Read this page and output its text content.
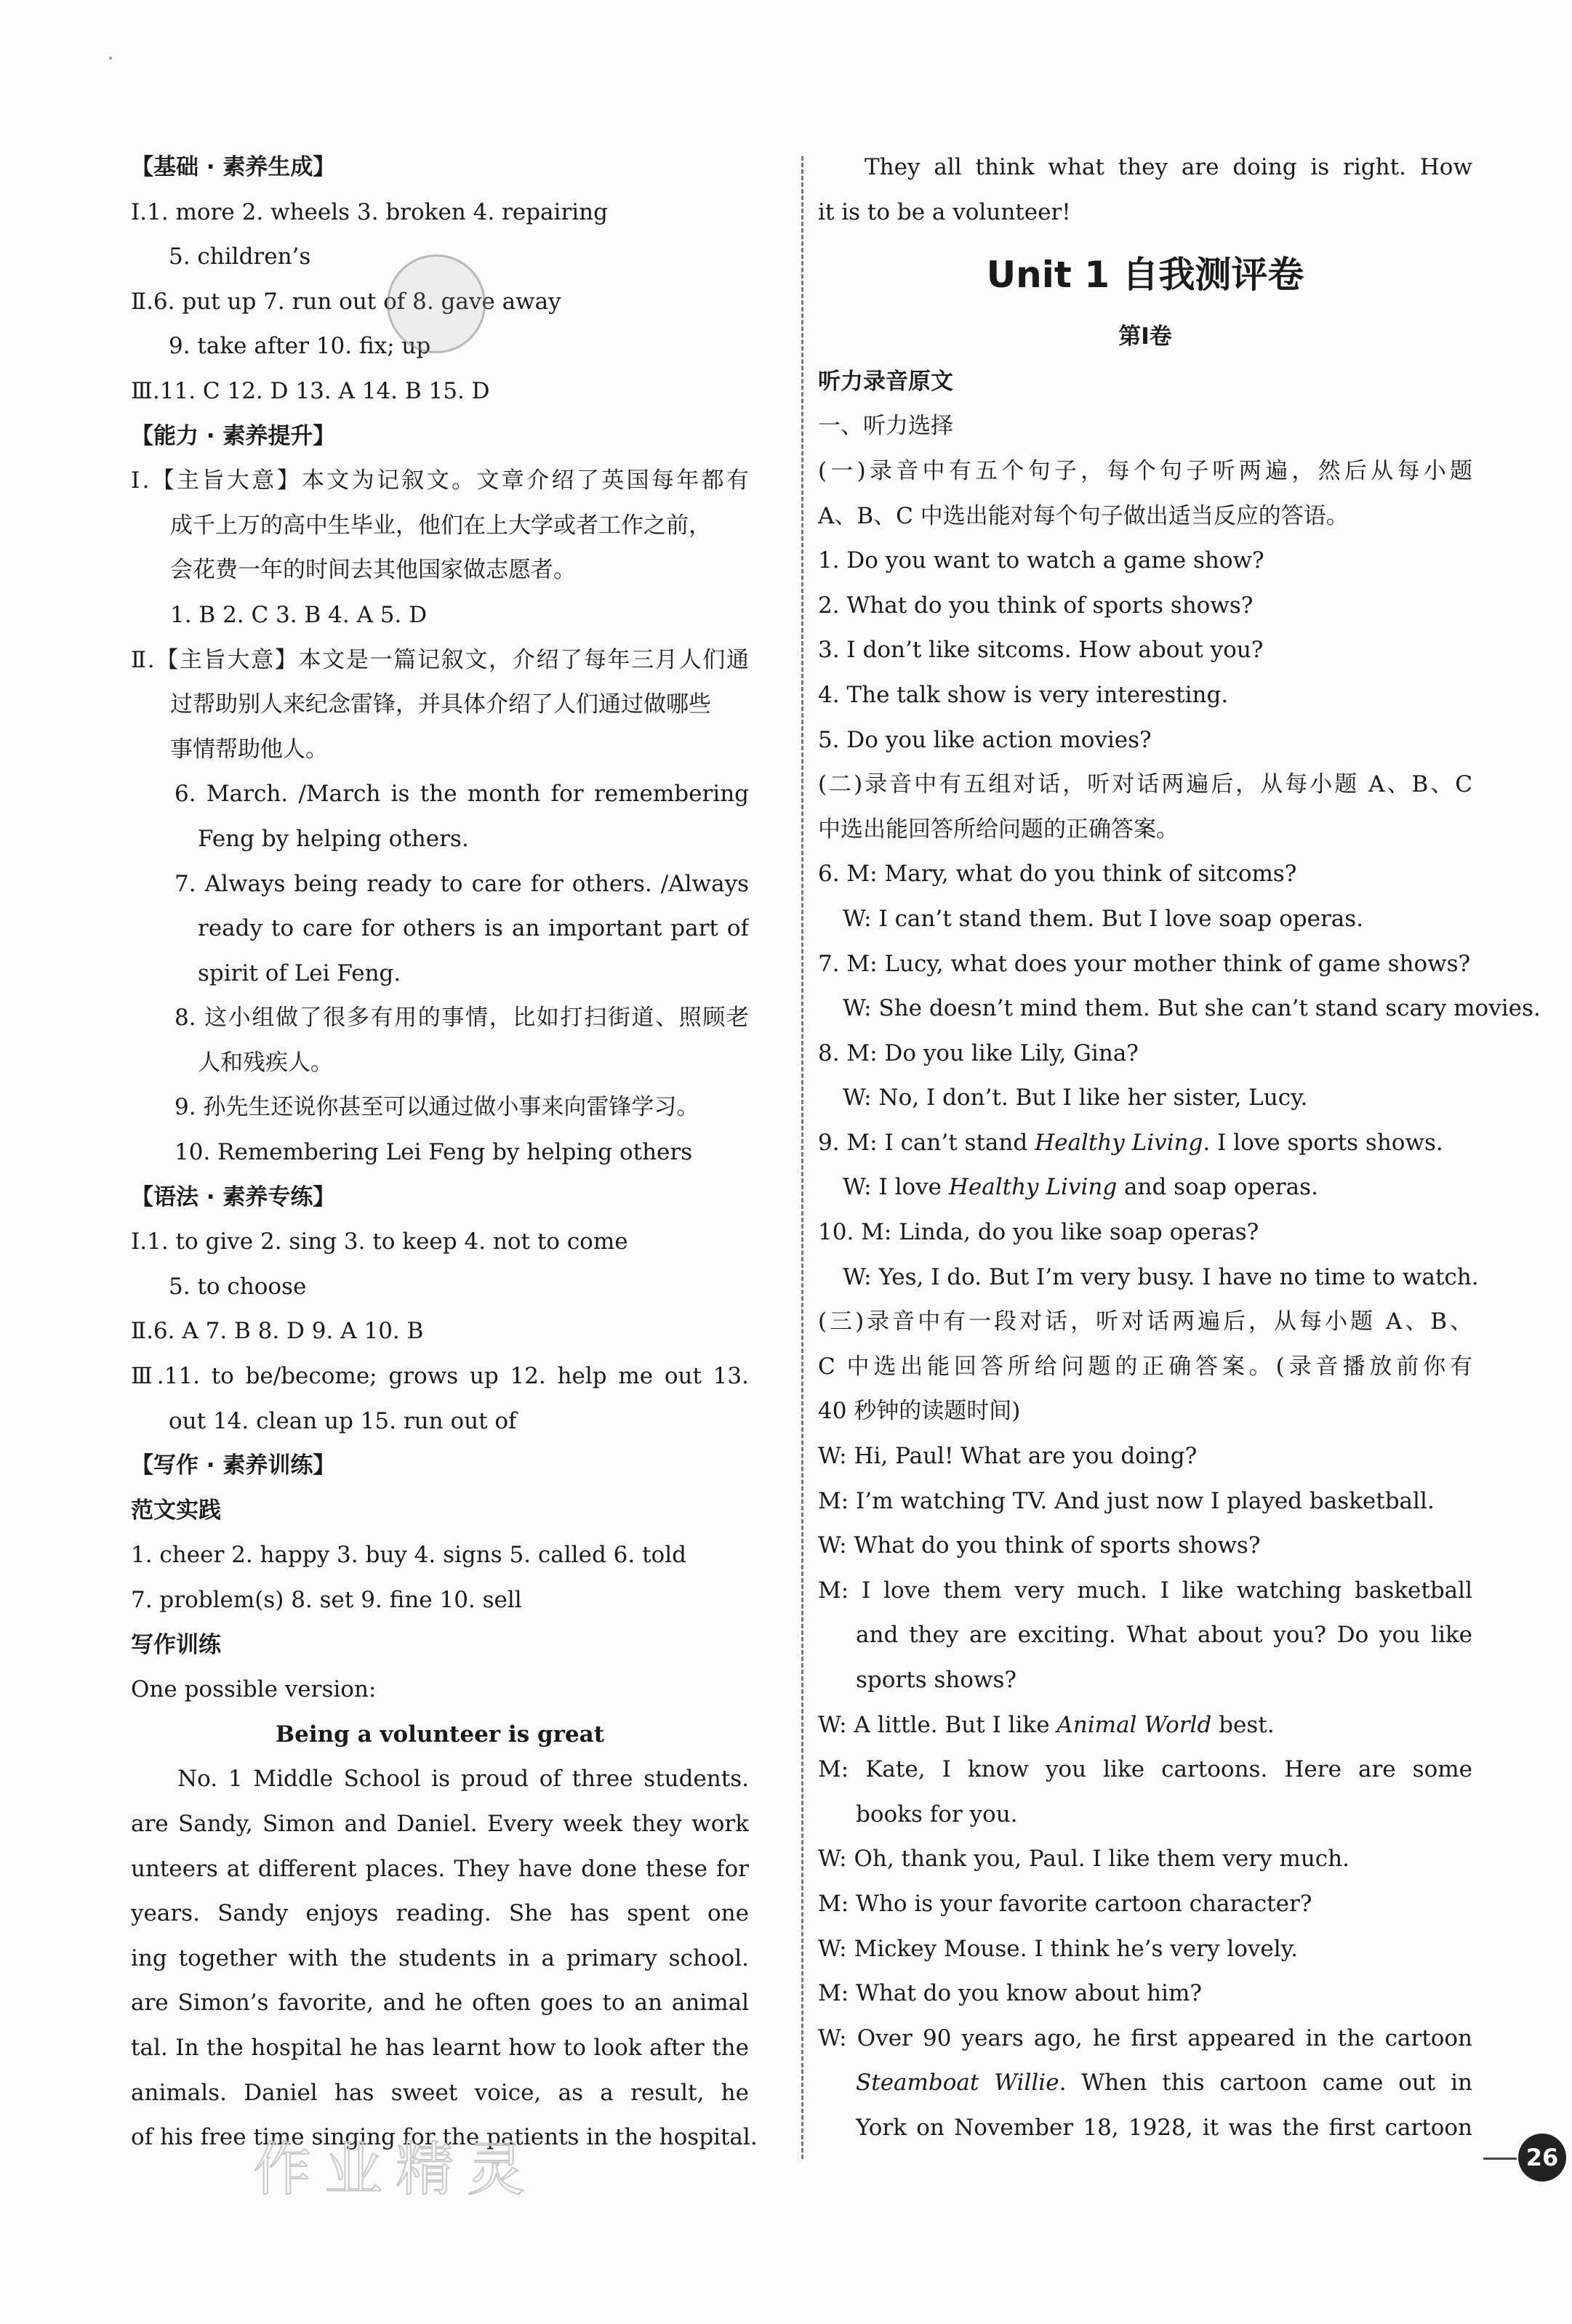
【基础 · 素养生成】
Ⅰ.1. more 2. wheels 3. broken 4. repairing
5. children’s
Ⅱ.6. put up 7. run out of 8. gave away
9. take after 10. fix; up
Ⅲ.11. C 12. D 13. A 14. B 15. D
【能力 · 素养提升】
Ⅰ.【主旨大意】本文为记叙文。文章介绍了英国每年都有
成千上万的高中生毕业，他们在上大学或者工作之前，
会花费一年的时间去其他国家做志愿者。
1. B 2. C 3. B 4. A 5. D
Ⅱ.【主旨大意】本文是一篇记叙文，介绍了每年三月人们通
过帮助别人来纪念雷锋，并具体介绍了人们通过做哪些
事情帮助他人。
6. March. /March is the month for remembering
Feng by helping others.
7. Always being ready to care for others. /Always
ready to care for others is an important part of
spirit of Lei Feng.
8. 这小组做了很多有用的事情，比如打扫街道、照顾老
人和残疾人。
9. 孙先生还说你甚至可以通过做小事来向雷锋学习。
10. Remembering Lei Feng by helping others
【语法 · 素养专练】
Ⅰ.1. to give 2. sing 3. to keep 4. not to come
5. to choose
Ⅱ.6. A 7. B 8. D 9. A 10. B
Ⅲ.11. to be/become; grows up 12. help me out 13.
out 14. clean up 15. run out of
【写作 · 素养训练】
范文实践
1. cheer 2. happy 3. buy 4. signs 5. called 6. told
7. problem(s) 8. set 9. fine 10. sell
写作训练
One possible version:
Being a volunteer is great
No. 1 Middle School is proud of three students.
are Sandy, Simon and Daniel. Every week they work
unteers at different places. They have done these for
years. Sandy enjoys reading. She has spent one
ing together with the students in a primary school.
are Simon’s favorite, and he often goes to an animal
tal. In the hospital he has learnt how to look after the
animals. Daniel has sweet voice, as a result, he
of his free time singing for the patients in the hospital.
They all think what they are doing is right. How
it is to be a volunteer!
Unit 1 自我测评卷
第Ⅰ卷
听力录音原文
一、听力选择
(一)录音中有五个句子，每个句子听两遍，然后从每小题
A、B、C 中选出能对每个句子做出适当反应的答语。
1. Do you want to watch a game show?
2. What do you think of sports shows?
3. I don’t like sitcoms. How about you?
4. The talk show is very interesting.
5. Do you like action movies?
(二)录音中有五组对话，听对话两遍后，从每小题 A、B、C
中选出能回答所给问题的正确答案。
6. M: Mary, what do you think of sitcoms?
W: I can’t stand them. But I love soap operas.
7. M: Lucy, what does your mother think of game shows?
W: She doesn’t mind them. But she can’t stand scary movies.
8. M: Do you like Lily, Gina?
W: No, I don’t. But I like her sister, Lucy.
9. M: I can’t stand Healthy Living. I love sports shows.
W: I love Healthy Living and soap operas.
10. M: Linda, do you like soap operas?
W: Yes, I do. But I’m very busy. I have no time to watch.
(三)录音中有一段对话，听对话两遍后，从每小题 A、B、
C 中选出能回答所给问题的正确答案。(录音播放前你有
40 秒钟的读题时间)
W: Hi, Paul! What are you doing?
M: I’m watching TV. And just now I played basketball.
W: What do you think of sports shows?
M: I love them very much. I like watching basketball
and they are exciting. What about you? Do you like
sports shows?
W: A little. But I like Animal World best.
M: Kate, I know you like cartoons. Here are some
books for you.
W: Oh, thank you, Paul. I like them very much.
M: Who is your favorite cartoon character?
W: Mickey Mouse. I think he’s very lovely.
M: What do you know about him?
W: Over 90 years ago, he first appeared in the cartoon
Steamboat Willie. When this cartoon came out in
York on November 18, 1928, it was the first cartoon
作业精灵	26
